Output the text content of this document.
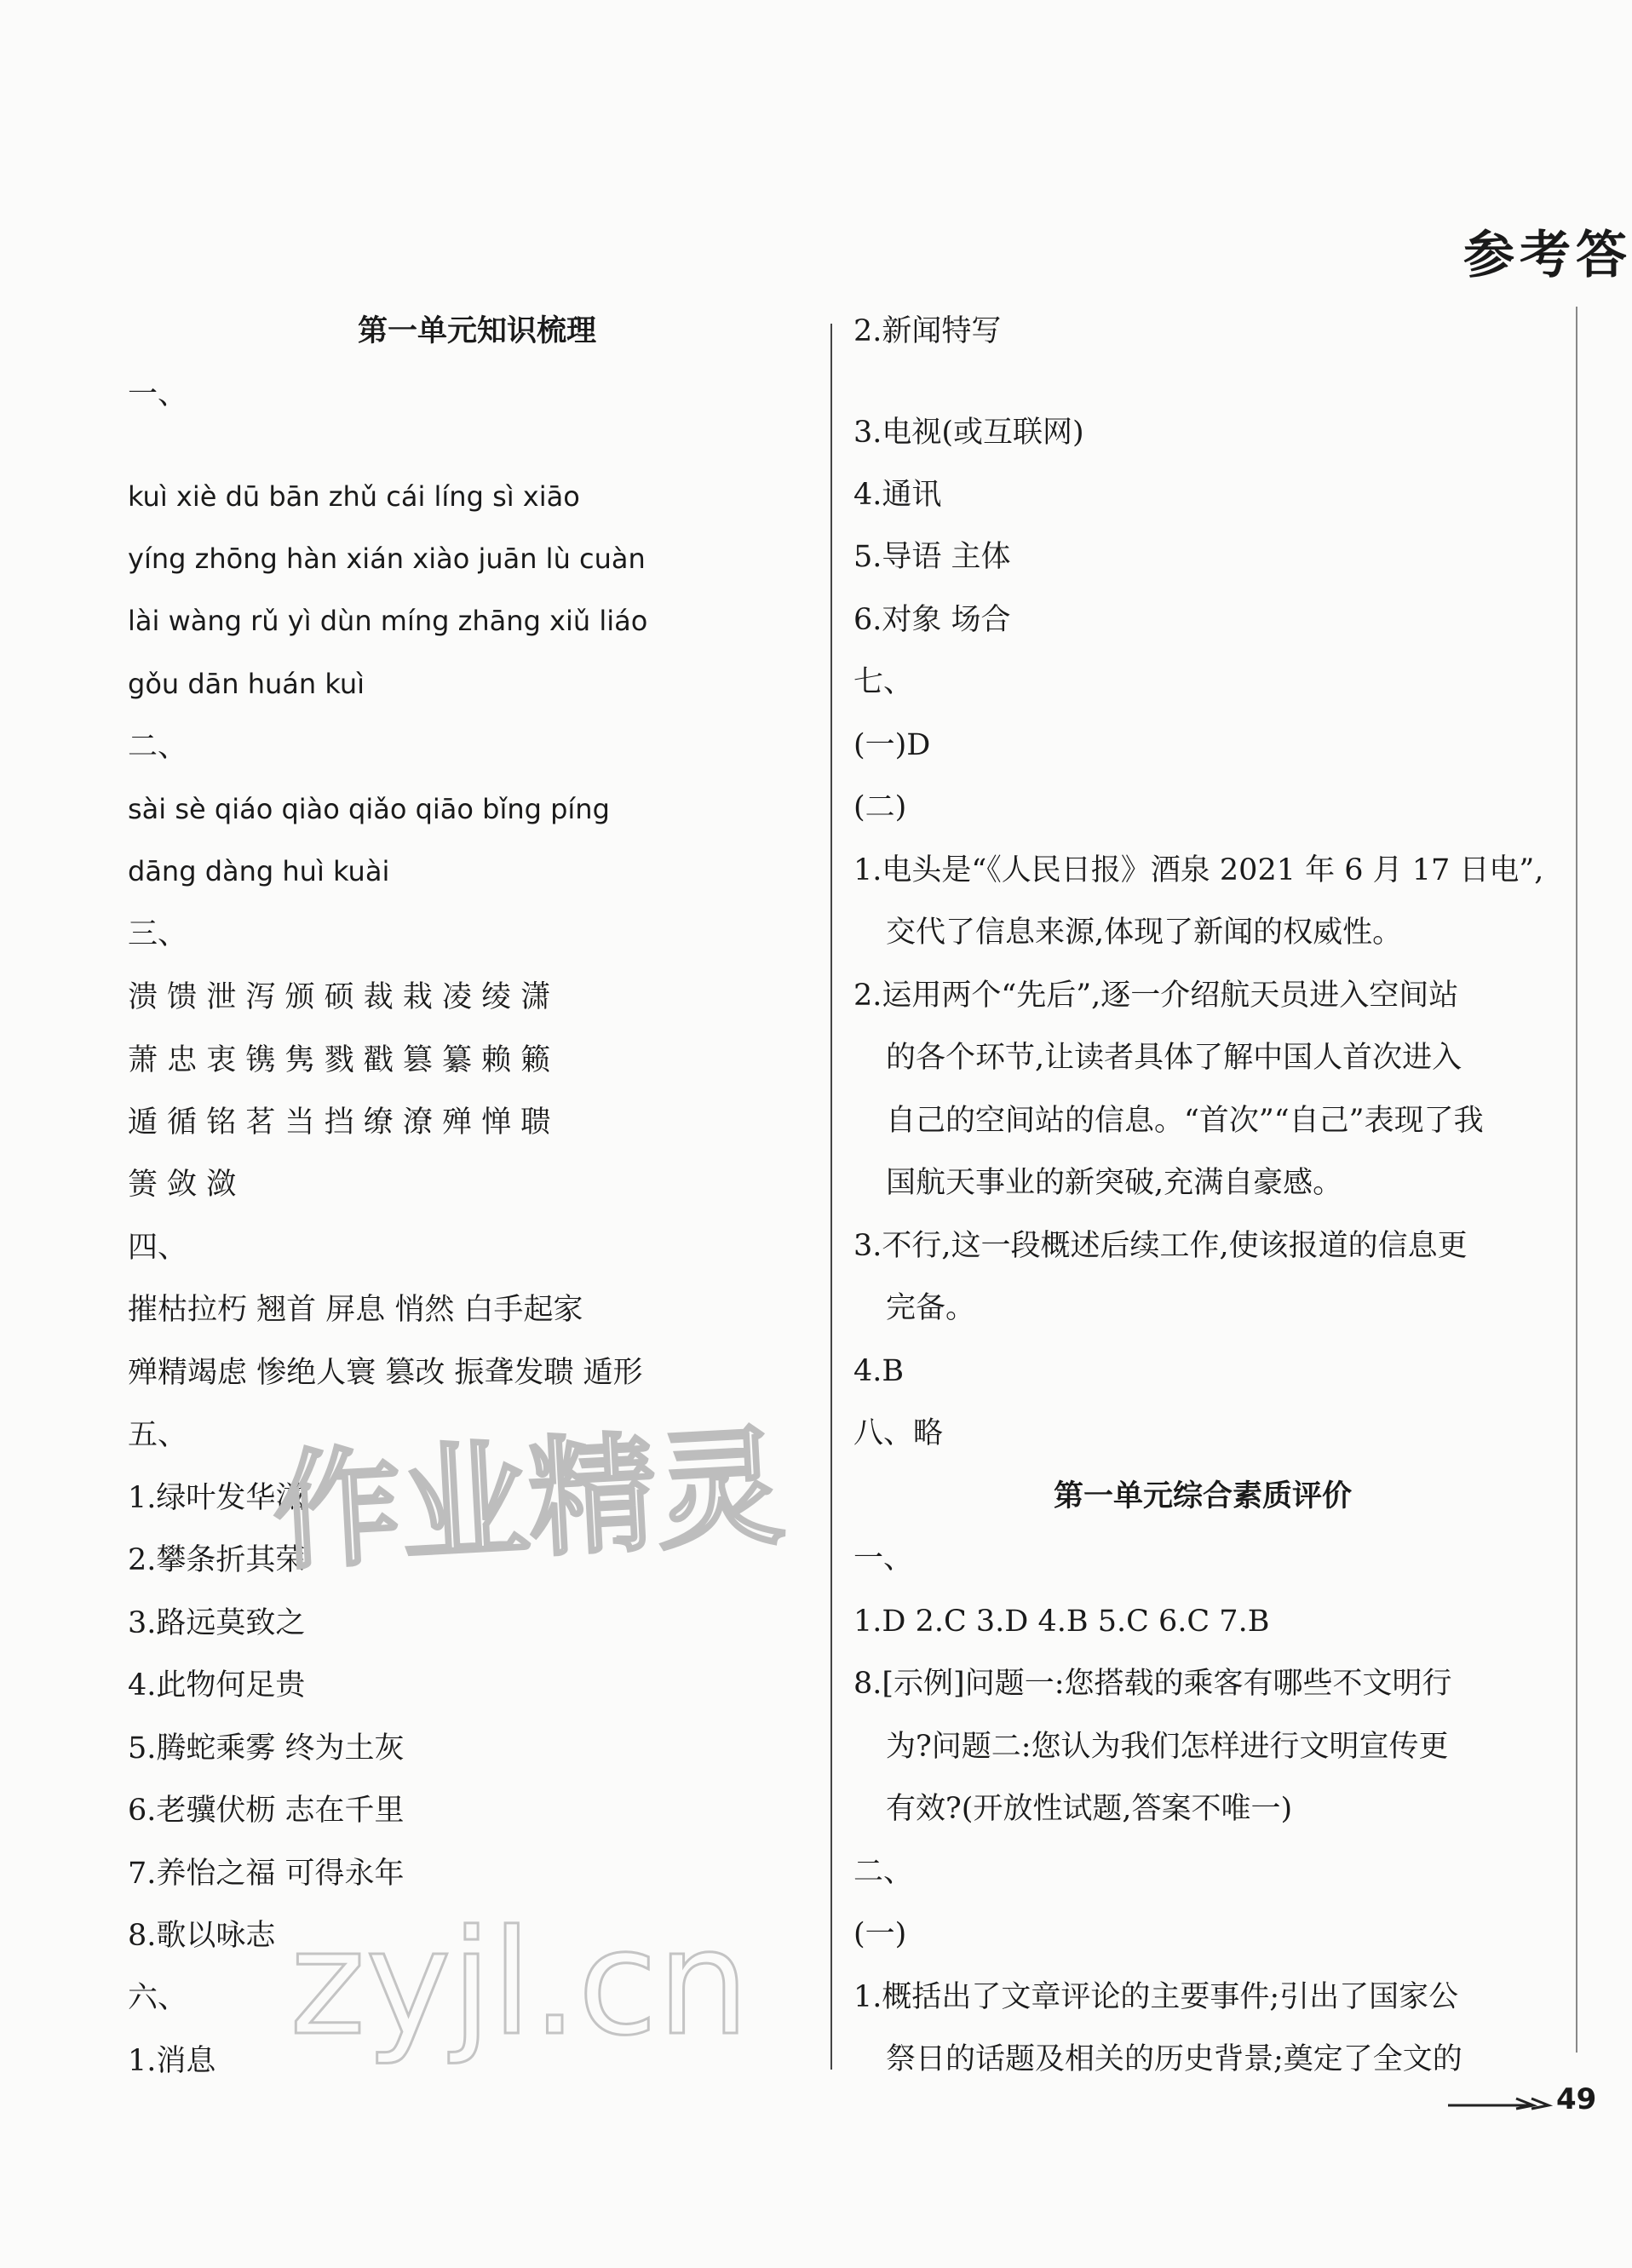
参考答
第一单元知识梳理
一、
kuì xiè dū bān zhǔ cái líng sì xiāo
yíng zhōng hàn xián xiào juān lù cuàn
lài wàng rǔ yì dùn míng zhāng xiǔ liáo
gǒu dān huán kuì
二、
sài sè qiáo qiào qiǎo qiāo bǐng píng
dāng dàng huì kuài
三、
溃 馈 泄 泻 颁 硕 裁 栽 凌 绫 潇
萧 忠 衷 镌 隽 戮 戳 篡 纂 赖 籁
遁 循 铭 茗 当 挡 缭 潦 殚 惮 聩
箦 敛 潋
四、
摧枯拉朽 翘首 屏息 悄然 白手起家
殚精竭虑 惨绝人寰 篡改 振聋发聩 遁形
五、
1.绿叶发华滋
2.攀条折其荣
3.路远莫致之
4.此物何足贵
5.腾蛇乘雾 终为土灰
6.老骥伏枥 志在千里
7.养怡之福 可得永年
8.歌以咏志
六、
1.消息
2.新闻特写
3.电视(或互联网)
4.通讯
5.导语 主体
6.对象 场合
七、
(一)D
(二)
1.电头是“《人民日报》酒泉 2021 年 6 月 17 日电”,
交代了信息来源,体现了新闻的权威性。
2.运用两个“先后”,逐一介绍航天员进入空间站
的各个环节,让读者具体了解中国人首次进入
自己的空间站的信息。“首次”“自己”表现了我
国航天事业的新突破,充满自豪感。
3.不行,这一段概述后续工作,使该报道的信息更
完备。
4.B
八、略
第一单元综合素质评价
一、
1.D 2.C 3.D 4.B 5.C 6.C 7.B
8.[示例]问题一:您搭载的乘客有哪些不文明行
为?问题二:您认为我们怎样进行文明宣传更
有效?(开放性试题,答案不唯一)
二、
(一)
1.概括出了文章评论的主要事件;引出了国家公
祭日的话题及相关的历史背景;奠定了全文的
作业精灵
zyjl.cn
49
